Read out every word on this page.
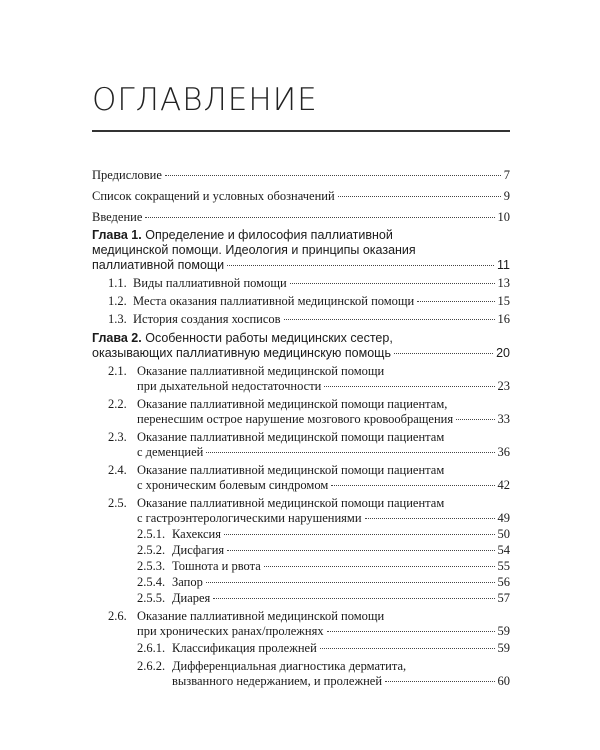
ОГЛАВЛЕНИЕ
Предисловие	7
Список сокращений и условных обозначений	9
Введение	10
Глава 1. Определение и философия паллиативной
медицинской помощи. Идеология и принципы оказания
паллиативной помощи	11
1.1. Виды паллиативной помощи	13
1.2. Места оказания паллиативной медицинской помощи	15
1.3. История создания хосписов	16
Глава 2. Особенности работы медицинских сестер,
оказывающих паллиативную медицинскую помощь	20
2.1. Оказание паллиативной медицинской помощи
при дыхательной недостаточности	23
2.2. Оказание паллиативной медицинской помощи пациентам,
перенесшим острое нарушение мозгового кровообращения	33
2.3. Оказание паллиативной медицинской помощи пациентам
с деменцией	36
2.4. Оказание паллиативной медицинской помощи пациентам
с хроническим болевым синдромом	42
2.5. Оказание паллиативной медицинской помощи пациентам
с гастроэнтерологическими нарушениями	49
2.5.1. Кахексия	50
2.5.2. Дисфагия	54
2.5.3. Тошнота и рвота	55
2.5.4. Запор	56
2.5.5. Диарея	57
2.6. Оказание паллиативной медицинской помощи
при хронических ранах/пролежнях	59
2.6.1. Классификация пролежней	59
2.6.2. Дифференциальная диагностика дерматита,
вызванного недержанием, и пролежней	60
